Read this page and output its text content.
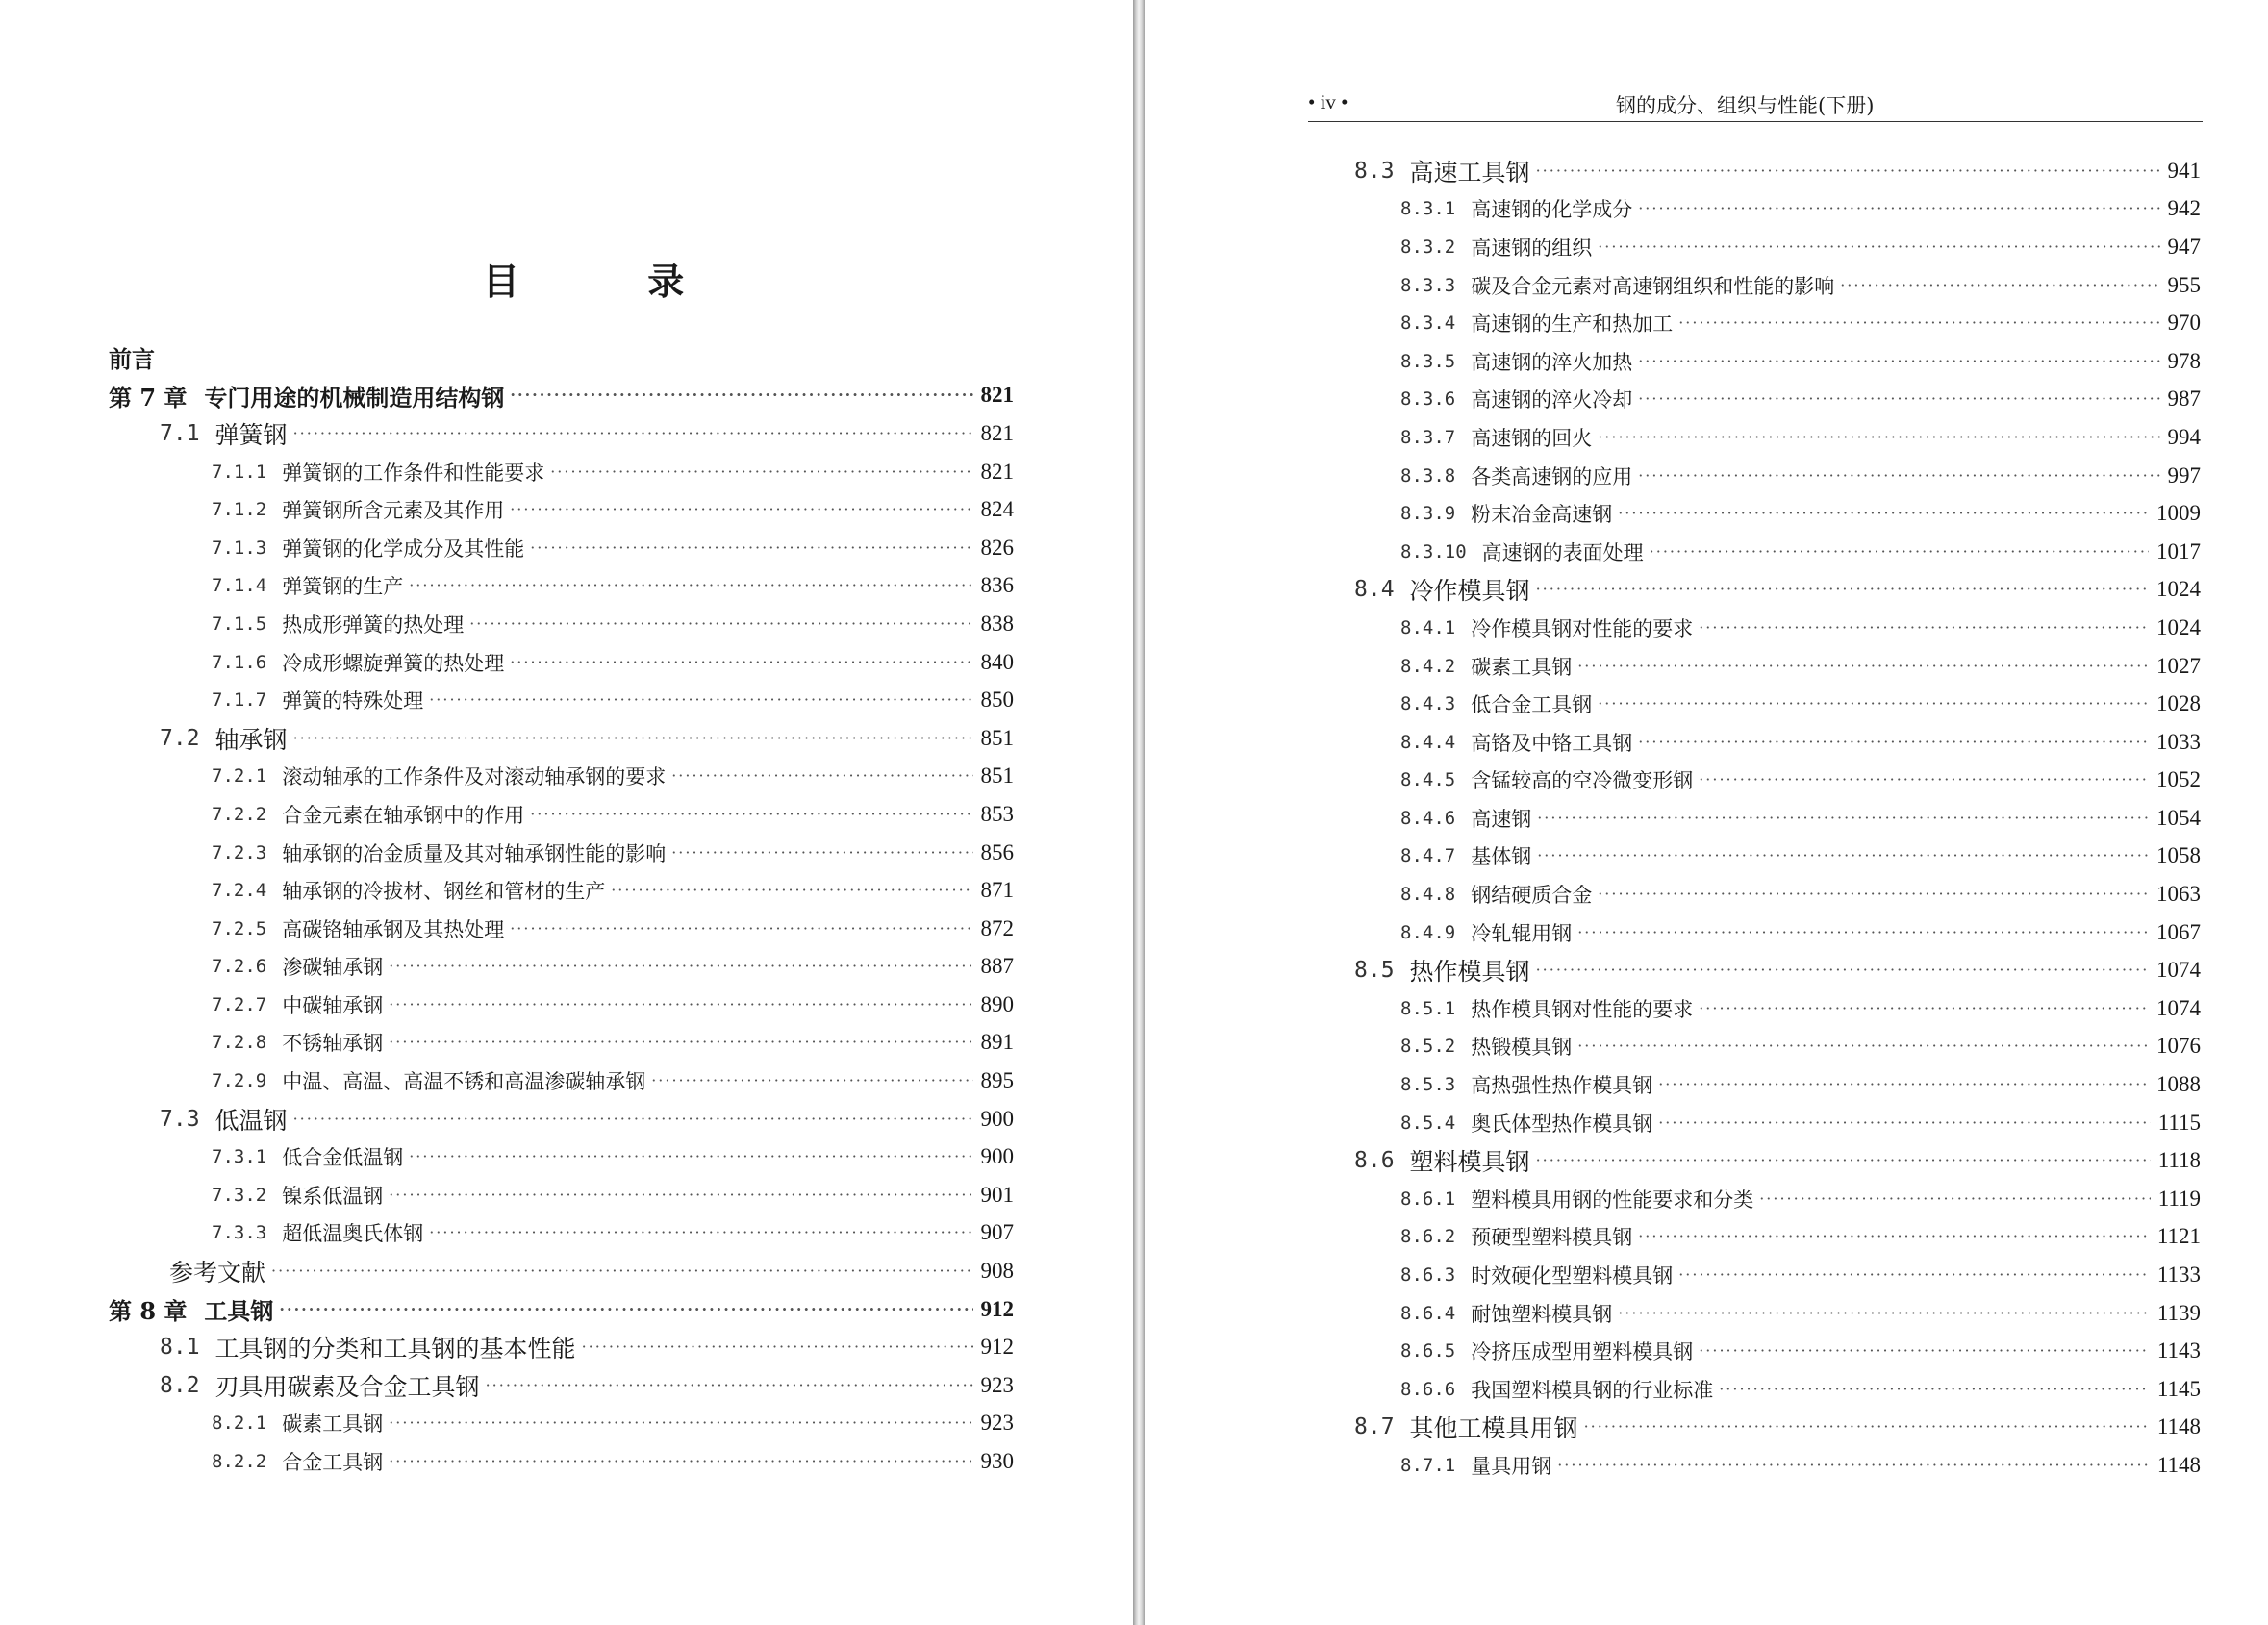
目 录
前言
第 7 章 专门用途的机械制造用结构钢 ·····	821
7.1 弹簧钢 ·····	821
7.1.1 弹簧钢的工作条件和性能要求 ·····	821
7.1.2 弹簧钢所含元素及其作用 ·····	824
7.1.3 弹簧钢的化学成分及其性能 ·····	826
7.1.4 弹簧钢的生产 ·····	836
7.1.5 热成形弹簧的热处理 ·····	838
7.1.6 冷成形螺旋弹簧的热处理 ·····	840
7.1.7 弹簧的特殊处理 ·····	850
7.2 轴承钢 ·····	851
7.2.1 滚动轴承的工作条件及对滚动轴承钢的要求 ·····	851
7.2.2 合金元素在轴承钢中的作用 ·····	853
7.2.3 轴承钢的冶金质量及其对轴承钢性能的影响 ·····	856
7.2.4 轴承钢的冷拔材、钢丝和管材的生产 ·····	871
7.2.5 高碳铬轴承钢及其热处理 ·····	872
7.2.6 渗碳轴承钢 ·····	887
7.2.7 中碳轴承钢 ·····	890
7.2.8 不锈轴承钢 ·····	891
7.2.9 中温、高温、高温不锈和高温渗碳轴承钢 ·····	895
7.3 低温钢 ·····	900
7.3.1 低合金低温钢 ·····	900
7.3.2 镍系低温钢 ·····	901
7.3.3 超低温奥氏体钢 ·····	907
参考文献 ·····	908
第 8 章 工具钢 ·····	912
8.1 工具钢的分类和工具钢的基本性能 ·····	912
8.2 刃具用碳素及合金工具钢 ·····	923
8.2.1 碳素工具钢 ·····	923
8.2.2 合金工具钢 ·····	930
• iv •	钢的成分、组织与性能(下册)
8.3 高速工具钢 ·····	941
8.3.1 高速钢的化学成分 ·····	942
8.3.2 高速钢的组织 ·····	947
8.3.3 碳及合金元素对高速钢组织和性能的影响 ·····	955
8.3.4 高速钢的生产和热加工 ·····	970
8.3.5 高速钢的淬火加热 ·····	978
8.3.6 高速钢的淬火冷却 ·····	987
8.3.7 高速钢的回火 ·····	994
8.3.8 各类高速钢的应用 ·····	997
8.3.9 粉末冶金高速钢 ·····	1009
8.3.10 高速钢的表面处理 ·····	1017
8.4 冷作模具钢 ·····	1024
8.4.1 冷作模具钢对性能的要求 ·····	1024
8.4.2 碳素工具钢 ·····	1027
8.4.3 低合金工具钢 ·····	1028
8.4.4 高铬及中铬工具钢 ·····	1033
8.4.5 含锰较高的空冷微变形钢 ·····	1052
8.4.6 高速钢 ·····	1054
8.4.7 基体钢 ·····	1058
8.4.8 钢结硬质合金 ·····	1063
8.4.9 冷轧辊用钢 ·····	1067
8.5 热作模具钢 ·····	1074
8.5.1 热作模具钢对性能的要求 ·····	1074
8.5.2 热锻模具钢 ·····	1076
8.5.3 高热强性热作模具钢 ·····	1088
8.5.4 奥氏体型热作模具钢 ·····	1115
8.6 塑料模具钢 ·····	1118
8.6.1 塑料模具用钢的性能要求和分类 ·····	1119
8.6.2 预硬型塑料模具钢 ·····	1121
8.6.3 时效硬化型塑料模具钢 ·····	1133
8.6.4 耐蚀塑料模具钢 ·····	1139
8.6.5 冷挤压成型用塑料模具钢 ·····	1143
8.6.6 我国塑料模具钢的行业标准 ·····	1145
8.7 其他工模具用钢 ·····	1148
8.7.1 量具用钢 ·····	1148
